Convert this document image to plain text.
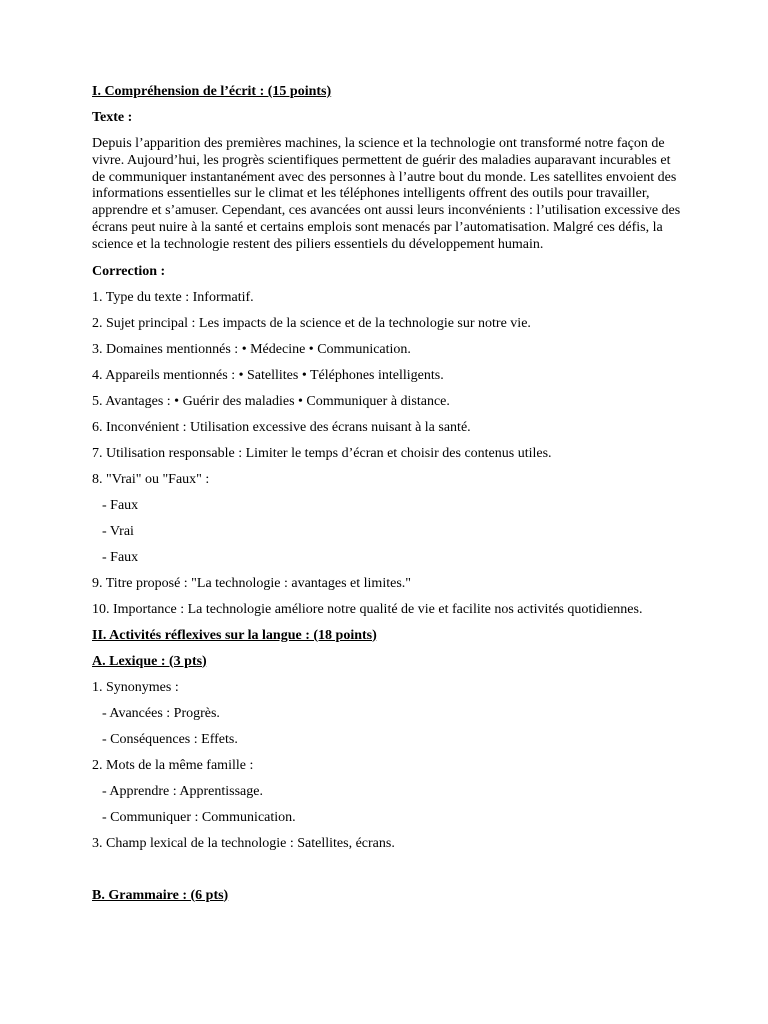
I. Compréhension de l’écrit : (15 points)
Texte :
Depuis l’apparition des premières machines, la science et la technologie ont transformé notre façon de vivre. Aujourd’hui, les progrès scientifiques permettent de guérir des maladies auparavant incurables et de communiquer instantanément avec des personnes à l’autre bout du monde. Les satellites envoient des informations essentielles sur le climat et les téléphones intelligents offrent des outils pour travailler, apprendre et s’amuser. Cependant, ces avancées ont aussi leurs inconvénients : l’utilisation excessive des écrans peut nuire à la santé et certains emplois sont menacés par l’automatisation. Malgré ces défis, la science et la technologie restent des piliers essentiels du développement humain.
Correction :
1. Type du texte : Informatif.
2. Sujet principal : Les impacts de la science et de la technologie sur notre vie.
3. Domaines mentionnés : • Médecine • Communication.
4. Appareils mentionnés : • Satellites • Téléphones intelligents.
5. Avantages : • Guérir des maladies • Communiquer à distance.
6. Inconvénient : Utilisation excessive des écrans nuisant à la santé.
7. Utilisation responsable : Limiter le temps d’écran et choisir des contenus utiles.
8. "Vrai" ou "Faux" :
- Faux
- Vrai
- Faux
9. Titre proposé : "La technologie : avantages et limites."
10. Importance : La technologie améliore notre qualité de vie et facilite nos activités quotidiennes.
II. Activités réflexives sur la langue : (18 points)
A. Lexique : (3 pts)
1. Synonymes :
- Avancées : Progrès.
- Conséquences : Effets.
2. Mots de la même famille :
- Apprendre : Apprentissage.
- Communiquer : Communication.
3. Champ lexical de la technologie : Satellites, écrans.
B. Grammaire : (6 pts)
